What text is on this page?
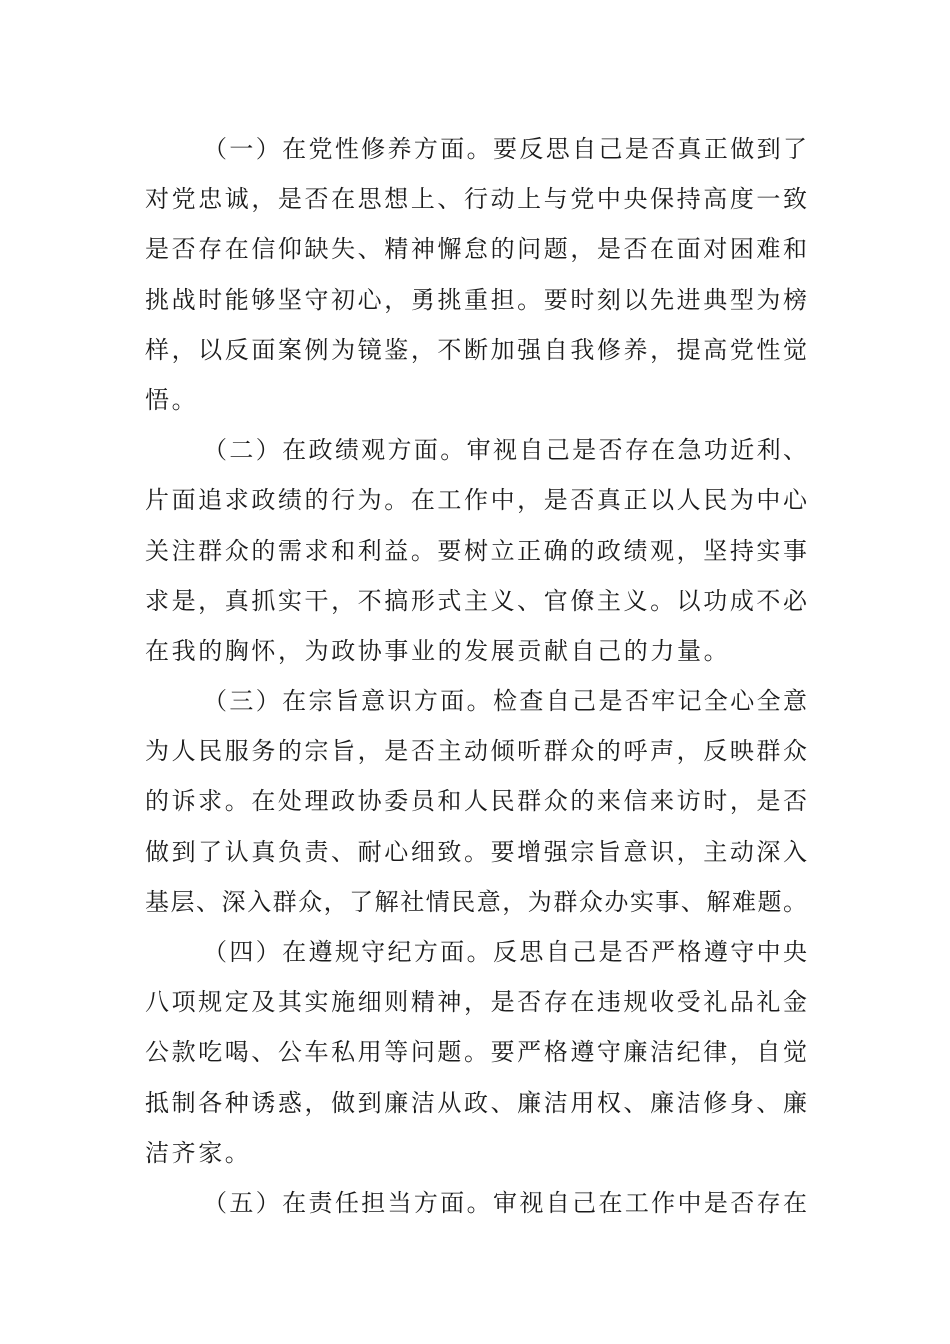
（一）在党性修养方面。要反思自己是否真正做到了
对党忠诚，是否在思想上、行动上与党中央保持高度一致
是否存在信仰缺失、精神懈怠的问题，是否在面对困难和
挑战时能够坚守初心，勇挑重担。要时刻以先进典型为榜
样，以反面案例为镜鉴，不断加强自我修养，提高党性觉
悟。
（二）在政绩观方面。审视自己是否存在急功近利、
片面追求政绩的行为。在工作中，是否真正以人民为中心
关注群众的需求和利益。要树立正确的政绩观，坚持实事
求是，真抓实干，不搞形式主义、官僚主义。以功成不必
在我的胸怀，为政协事业的发展贡献自己的力量。
（三）在宗旨意识方面。检查自己是否牢记全心全意
为人民服务的宗旨，是否主动倾听群众的呼声，反映群众
的诉求。在处理政协委员和人民群众的来信来访时，是否
做到了认真负责、耐心细致。要增强宗旨意识，主动深入
基层、深入群众，了解社情民意，为群众办实事、解难题。
（四）在遵规守纪方面。反思自己是否严格遵守中央
八项规定及其实施细则精神，是否存在违规收受礼品礼金
公款吃喝、公车私用等问题。要严格遵守廉洁纪律，自觉
抵制各种诱惑，做到廉洁从政、廉洁用权、廉洁修身、廉
洁齐家。
（五）在责任担当方面。审视自己在工作中是否存在
